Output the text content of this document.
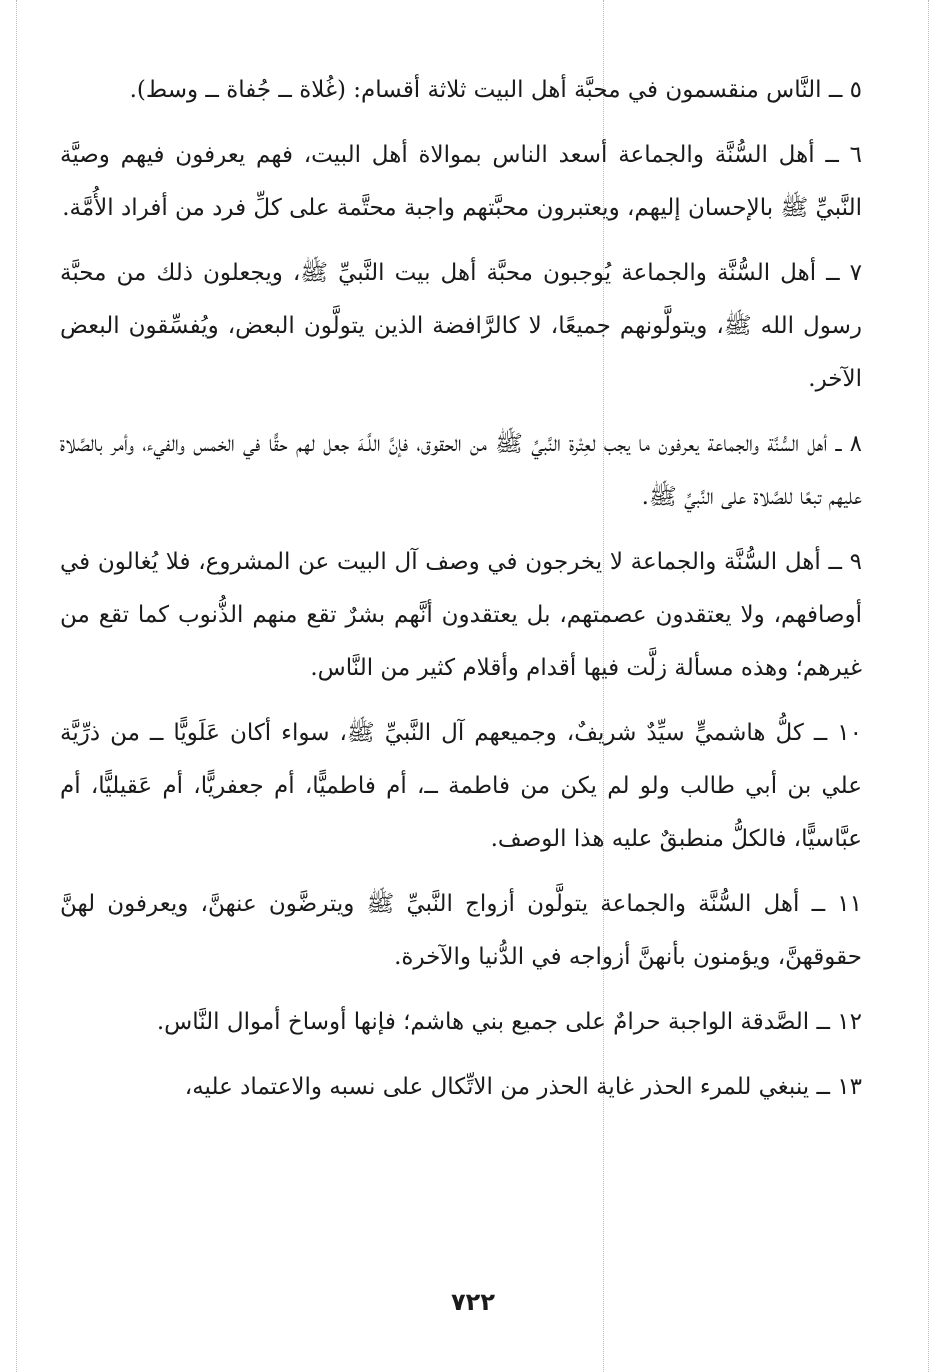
٥ ــ النَّاس منقسمون في محبَّة أهل البيت ثلاثة أقسام: (غُلاة ــ جُفاة ــ وسط).

٦ ــ أهل السُّنَّة والجماعة أسعد الناس بموالاة أهل البيت، فهم يعرفون فيهم وصيَّة النَّبيِّ ﷺ بالإحسان إليهم، ويعتبرون محبَّتهم واجبة محتَّمة على كلِّ فرد من أفراد الأُمَّة.

٧ ــ أهل السُّنَّة والجماعة يُوجبون محبَّة أهل بيت النَّبيِّ ﷺ، ويجعلون ذلك من محبَّة رسول الله ﷺ، ويتولَّونهم جميعًا، لا كالرَّافضة الذين يتولَّون البعض، ويُفسِّقون البعض الآخر.

٨ ــ أهل السُّنَّة والجماعة يعرفون ما يجب لعِتْرة النَّبيِّ ﷺ من الحقوق، فإنَّ اللَّـهَ جعل لهم حقًّا في الخمس والفيء، وأمر بالصَّلاة عليهم تبعًا للصَّلاة على النَّبيِّ ﷺ.

٩ ــ أهل السُّنَّة والجماعة لا يخرجون في وصف آل البيت عن المشروع، فلا يُغالون في أوصافهم، ولا يعتقدون عصمتهم، بل يعتقدون أنَّهم بشرٌ تقع منهم الذُّنوب كما تقع من غيرهم؛ وهذه مسألة زلَّت فيها أقدام وأقلام كثير من النَّاس.

١٠ ــ كلُّ هاشميٍّ سيِّدٌ شريفٌ، وجميعهم آل النَّبيِّ ﷺ، سواء أكان عَلَويًّا ــ من ذرِّيَّة علي بن أبي طالب ولو لم يكن من فاطمة ــ، أم فاطميًّا، أم جعفريًّا، أم عَقيليًّا، أم عبَّاسيًّا، فالكلُّ منطبقٌ عليه هذا الوصف.

١١ ــ أهل السُّنَّة والجماعة يتولَّون أزواج النَّبيِّ ﷺ ويترضَّون عنهنَّ، ويعرفون لهنَّ حقوقهنَّ، ويؤمنون بأنهنَّ أزواجه في الدُّنيا والآخرة.

١٢ ــ الصَّدقة الواجبة حرامٌ على جميع بني هاشم؛ فإنها أوساخ أموال النَّاس.

١٣ ــ ينبغي للمرء الحذر غاية الحذر من الاتِّكال على نسبه والاعتماد عليه،

٧٢٢
